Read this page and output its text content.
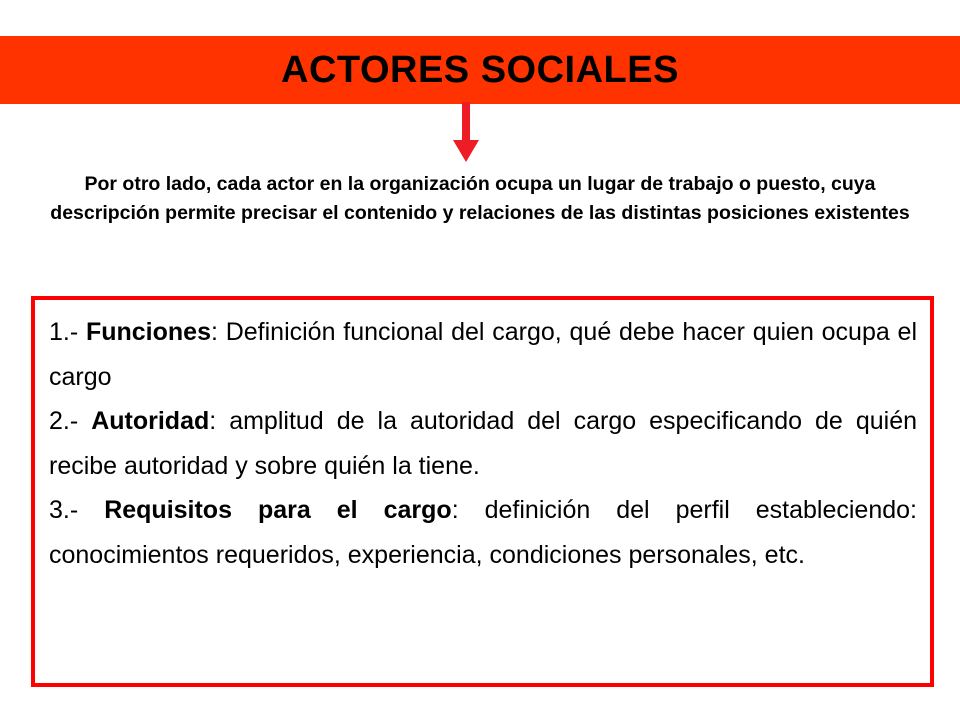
ACTORES SOCIALES
Por otro lado, cada actor en la organización ocupa un lugar de trabajo o puesto, cuya descripción permite precisar el contenido y relaciones de las distintas posiciones existentes

1.- Funciones: Definición funcional del cargo, qué debe hacer quien ocupa el cargo

2.- Autoridad: amplitud de la autoridad del cargo especificando de quién recibe autoridad y sobre quién la tiene.

3.- Requisitos para el cargo: definición del perfil estableciendo: conocimientos requeridos, experiencia, condiciones personales, etc.
